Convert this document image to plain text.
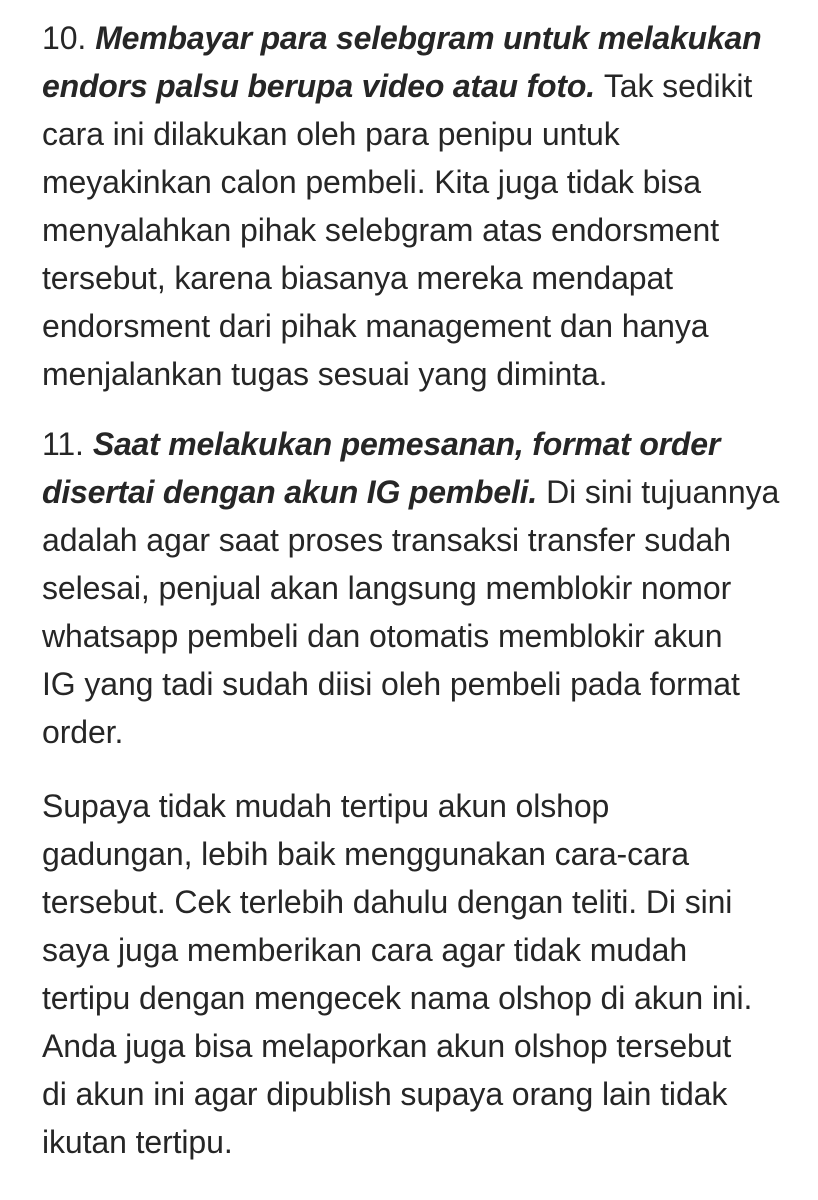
10. Membayar para selebgram untuk melakukan
endors palsu berupa video atau foto. Tak sedikit
cara ini dilakukan oleh para penipu untuk
meyakinkan calon pembeli. Kita juga tidak bisa
menyalahkan pihak selebgram atas endorsment
tersebut, karena biasanya mereka mendapat
endorsment dari pihak management dan hanya
menjalankan tugas sesuai yang diminta.

11. Saat melakukan pemesanan, format order
disertai dengan akun IG pembeli. Di sini tujuannya
adalah agar saat proses transaksi transfer sudah
selesai, penjual akan langsung memblokir nomor
whatsapp pembeli dan otomatis memblokir akun
IG yang tadi sudah diisi oleh pembeli pada format
order.

Supaya tidak mudah tertipu akun olshop
gadungan, lebih baik menggunakan cara-cara
tersebut. Cek terlebih dahulu dengan teliti. Di sini
saya juga memberikan cara agar tidak mudah
tertipu dengan mengecek nama olshop di akun ini.
Anda juga bisa melaporkan akun olshop tersebut
di akun ini agar dipublish supaya orang lain tidak
ikutan tertipu.
